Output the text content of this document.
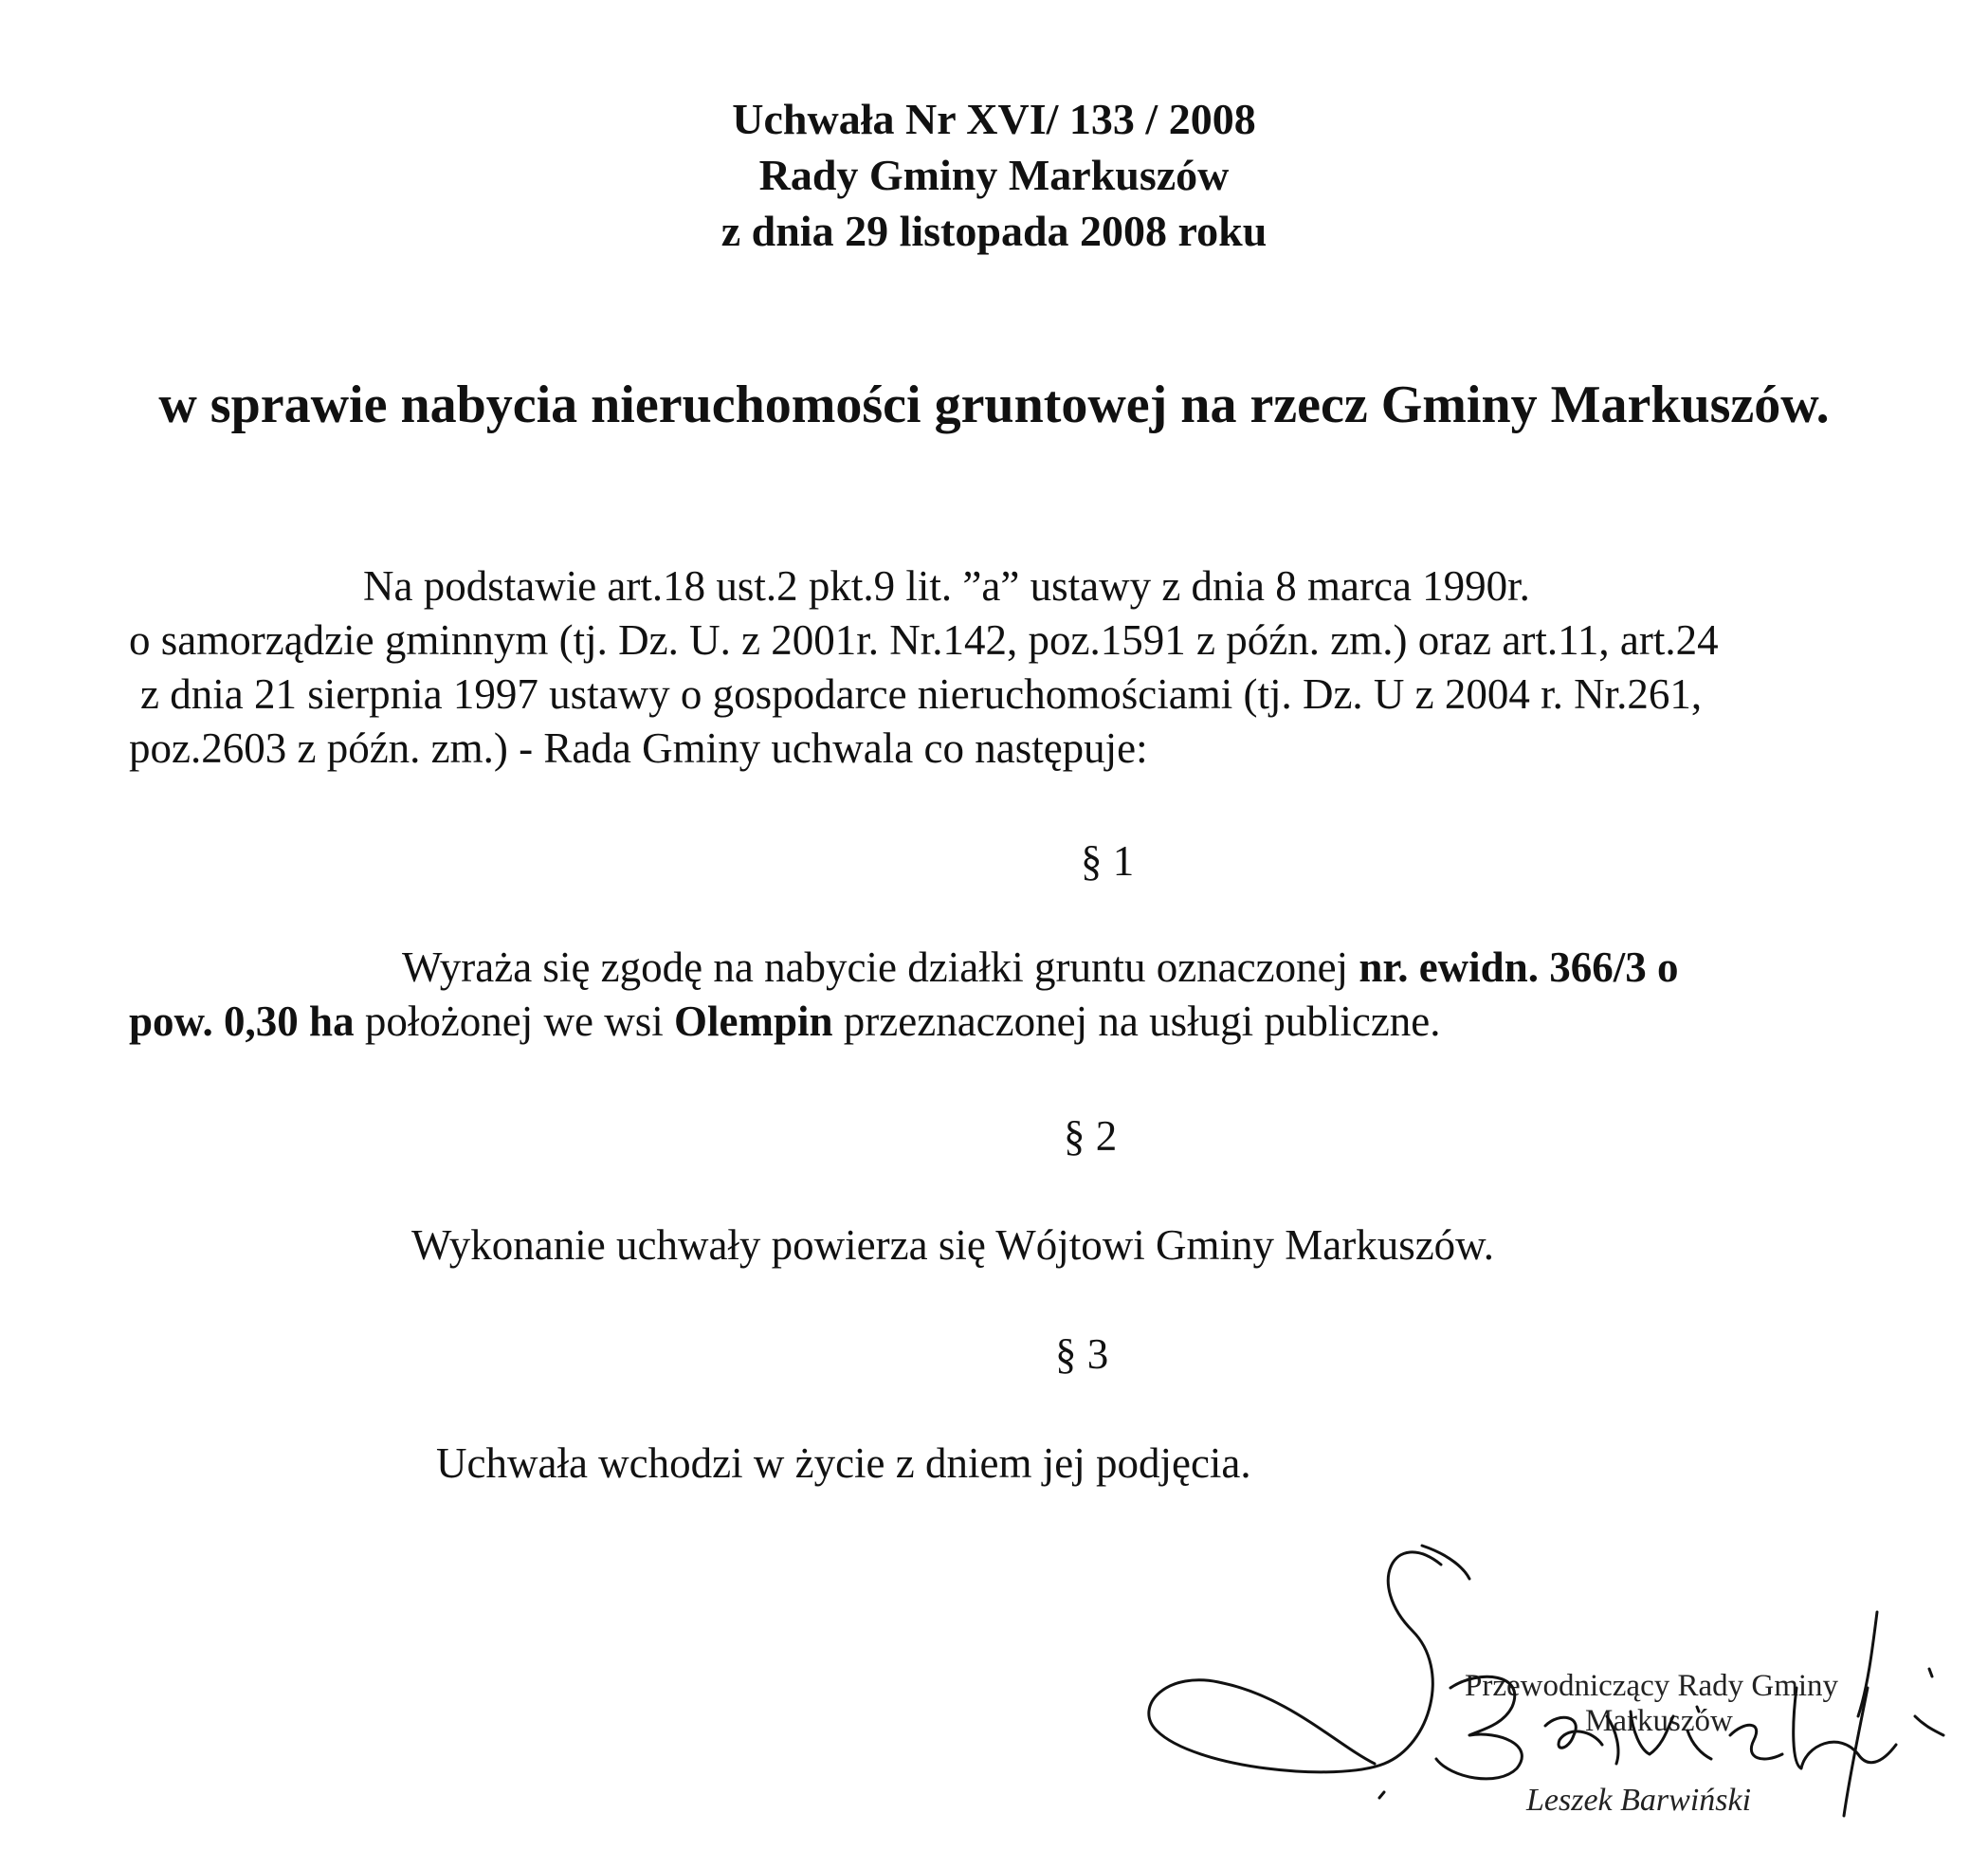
Uchwała Nr XVI/ 133 / 2008
Rady Gminy Markuszów
z dnia 29 listopada 2008 roku
w sprawie nabycia nieruchomości gruntowej na rzecz Gminy Markuszów.
Na podstawie art.18 ust.2 pkt.9 lit. ”a” ustawy z dnia 8 marca 1990r.
o samorządzie gminnym (tj. Dz. U. z 2001r. Nr.142, poz.1591 z późn. zm.) oraz art.11, art.24
z dnia 21 sierpnia 1997 ustawy o gospodarce nieruchomościami (tj. Dz. U z 2004 r. Nr.261,
poz.2603 z późn. zm.) - Rada Gminy uchwala co następuje:
§ 1
Wyraża się zgodę na nabycie działki gruntu oznaczonej nr. ewidn. 366/3 o
pow. 0,30 ha położonej we wsi Olempin przeznaczonej na usługi publiczne.
§ 2
Wykonanie uchwały powierza się Wójtowi Gminy Markuszów.
§ 3
Uchwała wchodzi w życie z dniem jej podjęcia.
Przewodniczący Rady Gminy
Markuszów
Leszek Barwiński
